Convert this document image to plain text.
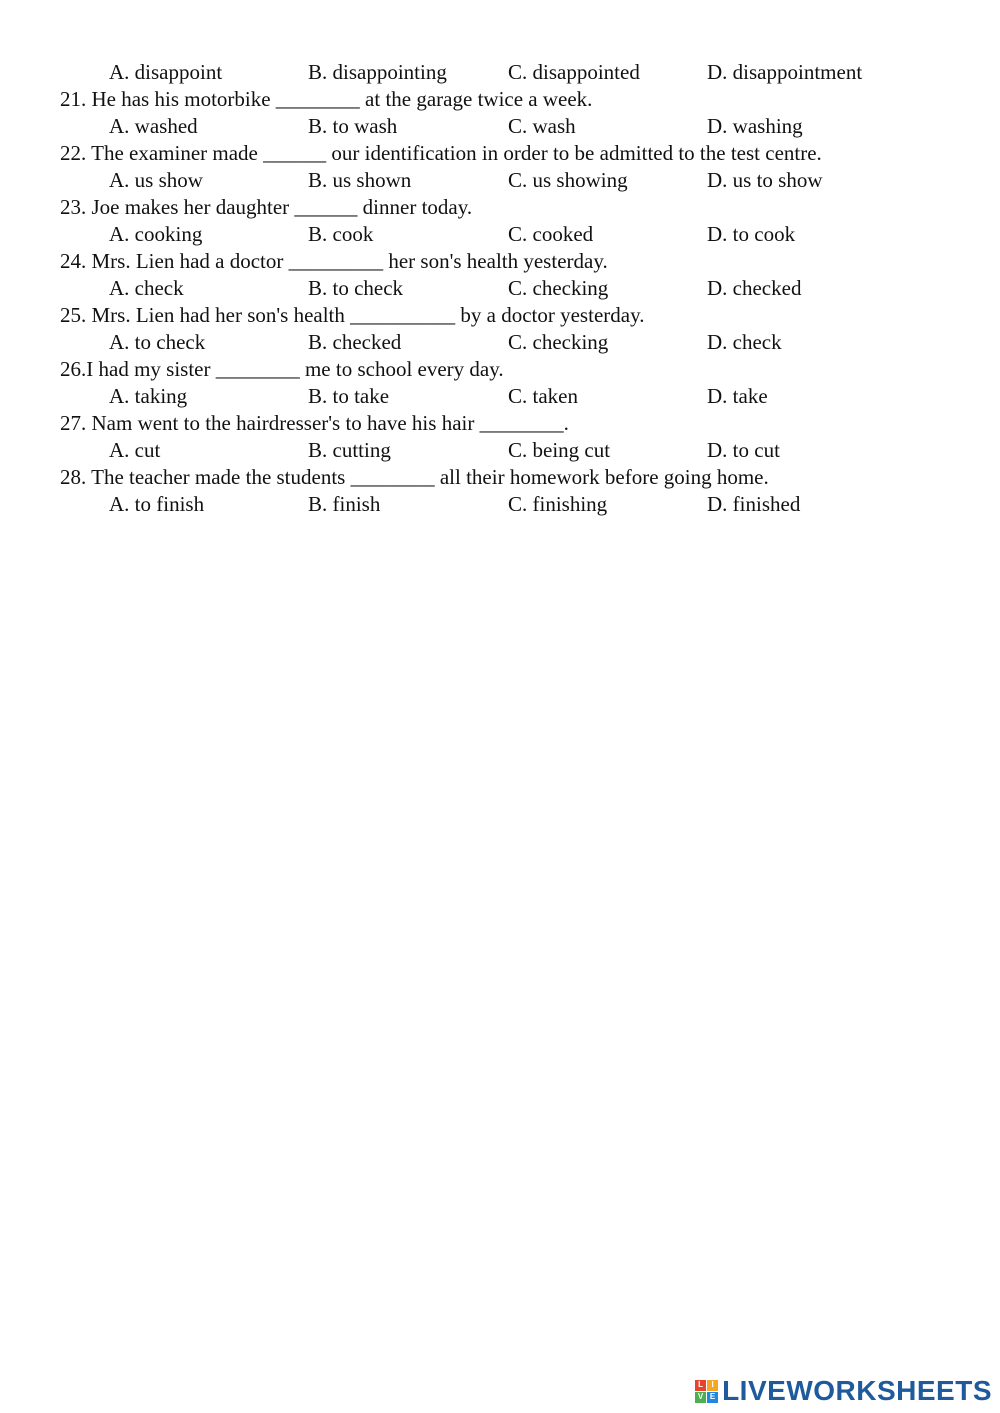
A. disappoint	B. disappointing	C. disappointed	D. disappointment
21. He has his motorbike ________ at the garage twice a week.
A. washed	B. to wash	C. wash	D. washing
22. The examiner made ______ our identification in order to be admitted to the test centre.
A. us show	B. us shown	C. us showing	D. us to show
23. Joe makes her daughter ______ dinner today.
A. cooking	B. cook	C. cooked	D. to cook
24. Mrs. Lien had a doctor _________ her son's health yesterday.
A. check	B. to check	C. checking	D. checked
25. Mrs. Lien had her son's health __________ by a doctor yesterday.
A. to check	B. checked	C. checking	D. check
26.I had my sister ________ me to school every day.
A. taking	B. to take	C. taken	D. take
27. Nam went to the hairdresser's to have his hair ________.
A. cut	B. cutting	C. being cut	D. to cut
28. The teacher made the students ________ all their homework before going home.
A. to finish	B. finish	C. finishing	D. finished
L	I
V E LIVEWORKSHEETS
